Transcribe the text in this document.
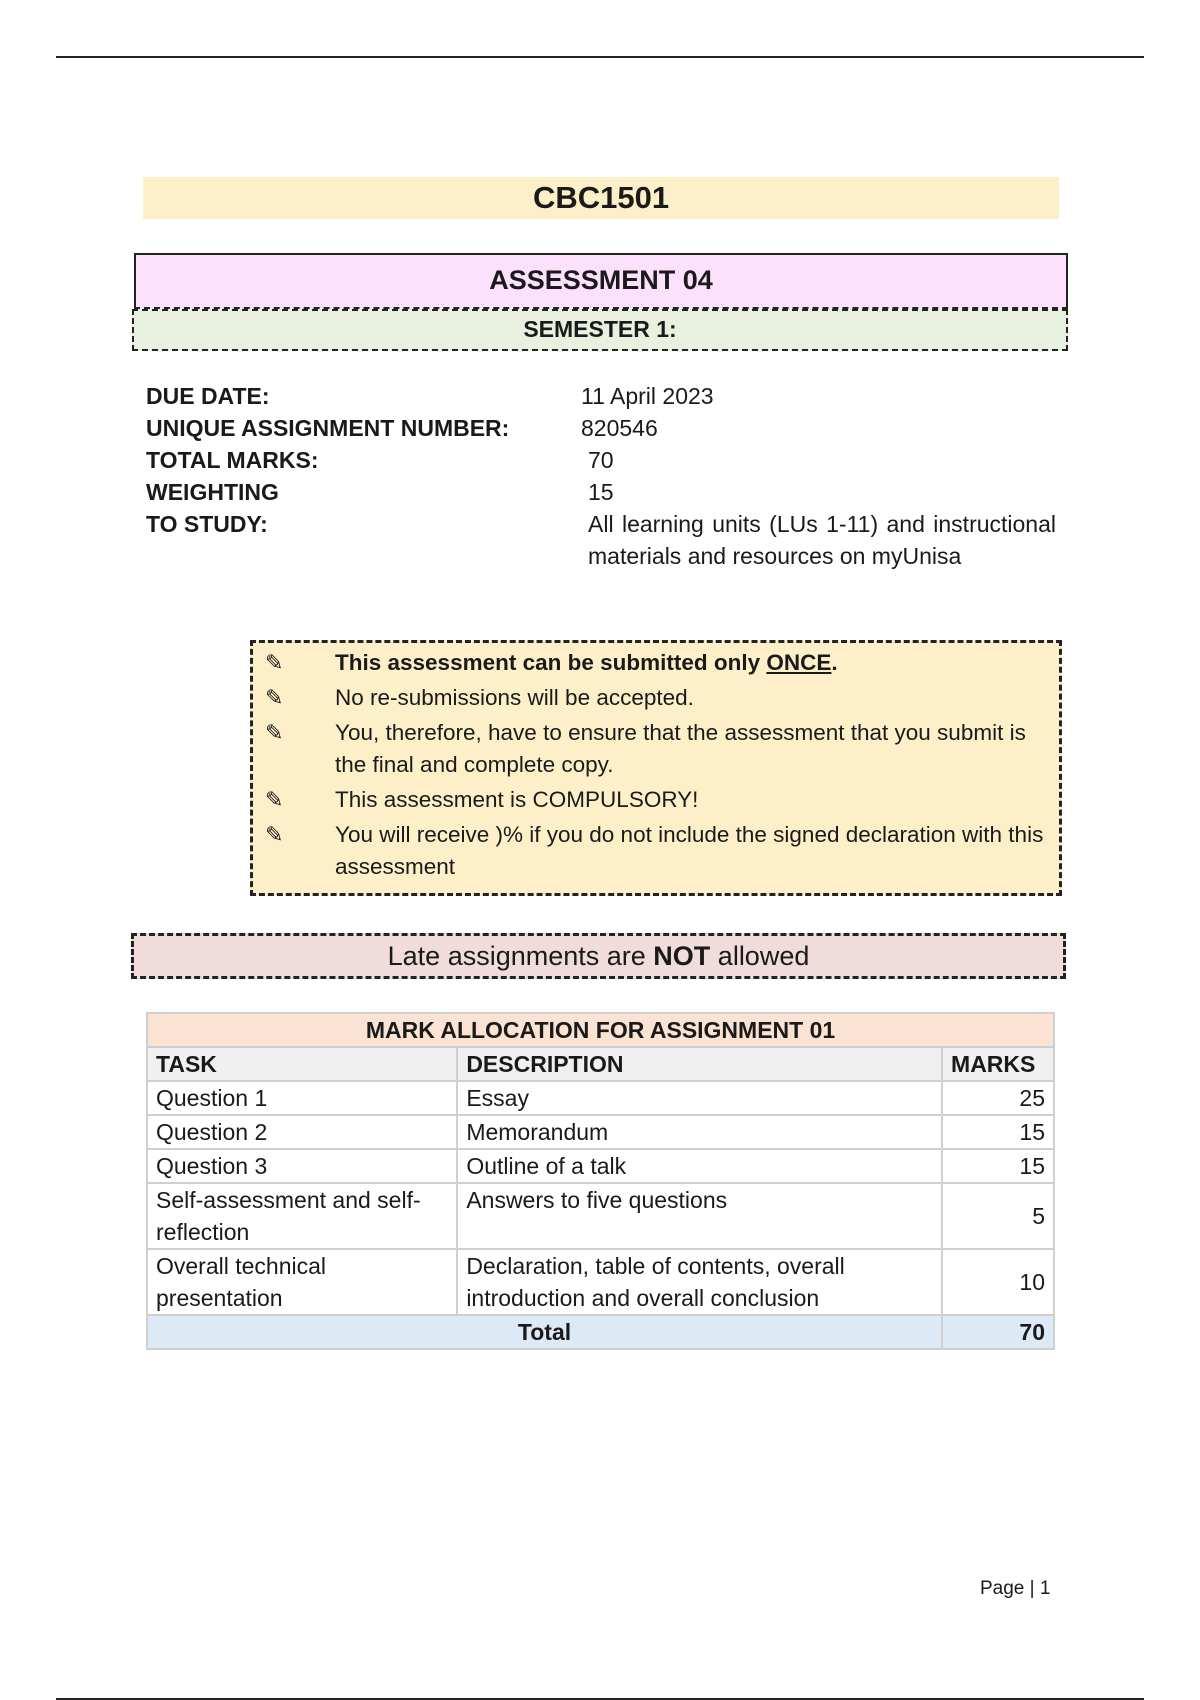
CBC1501
ASSESSMENT 04
SEMESTER 1:
DUE DATE:	11 April 2023
UNIQUE ASSIGNMENT NUMBER:	820546
TOTAL MARKS:	70
WEIGHTING	15
TO STUDY:	All learning units (LUs 1-11) and instructional materials and resources on myUnisa
✎	This assessment can be submitted only ONCE.
✎	No re-submissions will be accepted.
✎	You, therefore, have to ensure that the assessment that you submit is the final and complete copy.
✎	This assessment is COMPULSORY!
✎	You will receive )% if you do not include the signed declaration with this assessment
Late assignments are NOT allowed
MARK ALLOCATION FOR ASSIGNMENT 01		
TASK	DESCRIPTION	MARKS
Question 1	Essay	25
Question 2	Memorandum	15
Question 3	Outline of a talk	15
Self-assessment and self-reflection	Answers to five questions	5
Overall technical presentation	Declaration, table of contents, overall introduction and overall conclusion	10
Total		70
Page | 1
